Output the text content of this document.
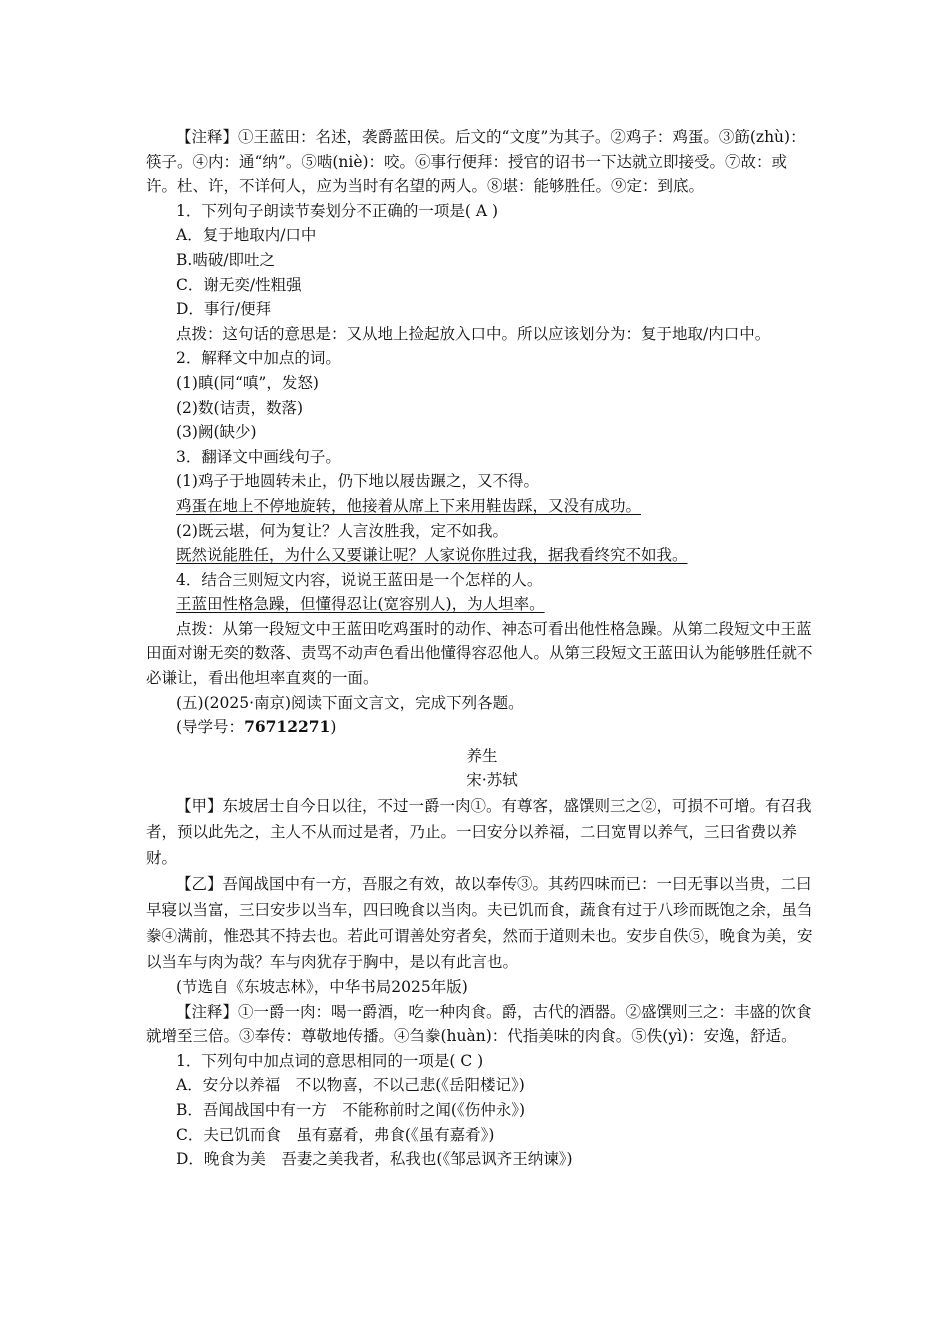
【注释】①王蓝田：名述，袭爵蓝田侯。后文的“文度”为其子。②鸡子：鸡蛋。③筯(zhù)：筷子。④内：通“纳”。⑤啮(niè)：咬。⑥事行便拜：授官的诏书一下达就立即接受。⑦故：或许。杜、许，不详何人，应为当时有名望的两人。⑧堪：能够胜任。⑨定：到底。

1．下列句子朗读节奏划分不正确的一项是( A )

A．复于地取内/口中

B.啮破/即吐之

C．谢无奕/性粗强

D．事行/便拜

点拨：这句话的意思是：又从地上捡起放入口中。所以应该划分为：复于地取/内口中。

2．解释文中加点的词。

(1)瞋(同“嗔”，发怒)

(2)数(诘责，数落)

(3)阙(缺少)

3．翻译文中画线句子。

(1)鸡子于地圆转未止，仍下地以屐齿蹍之，又不得。

鸡蛋在地上不停地旋转，他接着从席上下来用鞋齿踩，又没有成功。

(2)既云堪，何为复让？人言汝胜我，定不如我。

既然说能胜任，为什么又要谦让呢？人家说你胜过我，据我看终究不如我。

4．结合三则短文内容，说说王蓝田是一个怎样的人。

王蓝田性格急躁，但懂得忍让(宽容别人)，为人坦率。

点拨：从第一段短文中王蓝田吃鸡蛋时的动作、神态可看出他性格急躁。从第二段短文中王蓝田面对谢无奕的数落、责骂不动声色看出他懂得容忍他人。从第三段短文王蓝田认为能够胜任就不必谦让，看出他坦率直爽的一面。

(五)(2025·南京)阅读下面文言文，完成下列各题。

(导学号：76712271)

养生

宋·苏轼

【甲】东坡居士自今日以往，不过一爵一肉①。有尊客，盛馔则三之②，可损不可增。有召我者，预以此先之，主人不从而过是者，乃止。一曰安分以养福，二曰宽胃以养气，三曰省费以养财。

【乙】吾闻战国中有一方，吾服之有效，故以奉传③。其药四味而已：一曰无事以当贵，二曰早寝以当富，三曰安步以当车，四曰晚食以当肉。夫已饥而食，蔬食有过于八珍而既饱之余，虽刍豢④满前，惟恐其不持去也。若此可谓善处穷者矣，然而于道则未也。安步自佚⑤，晚食为美，安以当车与肉为哉？车与肉犹存于胸中，是以有此言也。

(节选自《东坡志林》，中华书局2025年版)

【注释】①一爵一肉：喝一爵酒，吃一种肉食。爵，古代的酒器。②盛馔则三之：丰盛的饮食就增至三倍。③奉传：尊敬地传播。④刍豢(huàn)：代指美味的肉食。⑤佚(yì)：安逸，舒适。

1．下列句中加点词的意思相同的一项是( C )

A．安分以养福　不以物喜，不以己悲(《岳阳楼记》)

B．吾闻战国中有一方　不能称前时之闻(《伤仲永》)

C．夫已饥而食　虽有嘉肴，弗食(《虽有嘉肴》)

D．晚食为美　吾妻之美我者，私我也(《邹忌讽齐王纳谏》)
